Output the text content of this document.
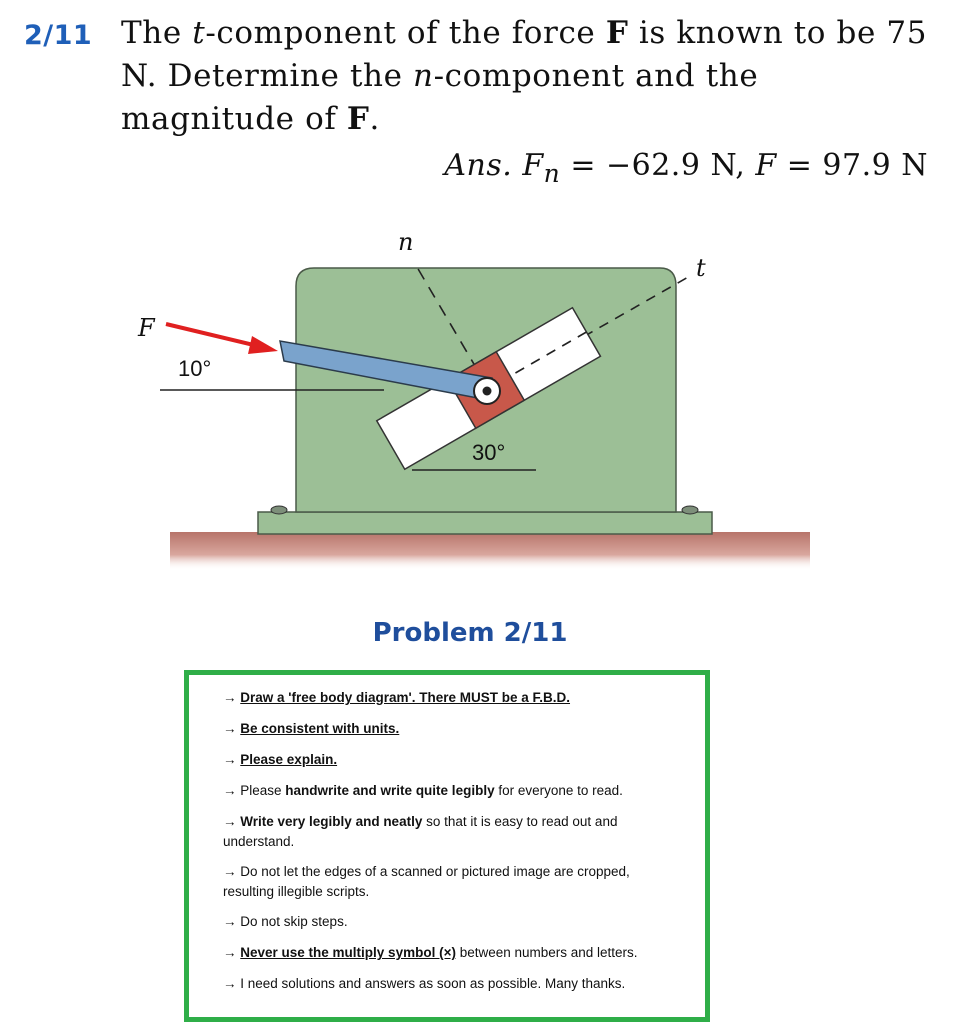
2/11 The t-component of the force F is known to be 75 N. Determine the n-component and the magnitude of F.
Ans. $F_n = -62.9$ N, F = 97.9 N
n
t
F
10°
30°
Problem 2/11
→ Draw a 'free body diagram'. There MUST be a F.B.D.
→ Be consistent with units.
→ Please explain.
→ Please handwrite and write quite legibly for everyone to read.
→ Write very legibly and neatly so that it is easy to read out and understand.
→ Do not let the edges of a scanned or pictured image are cropped, resulting illegible scripts.
→ Do not skip steps.
→ Never use the multiply symbol (×) between numbers and letters.
→ I need solutions and answers as soon as possible. Many thanks.
